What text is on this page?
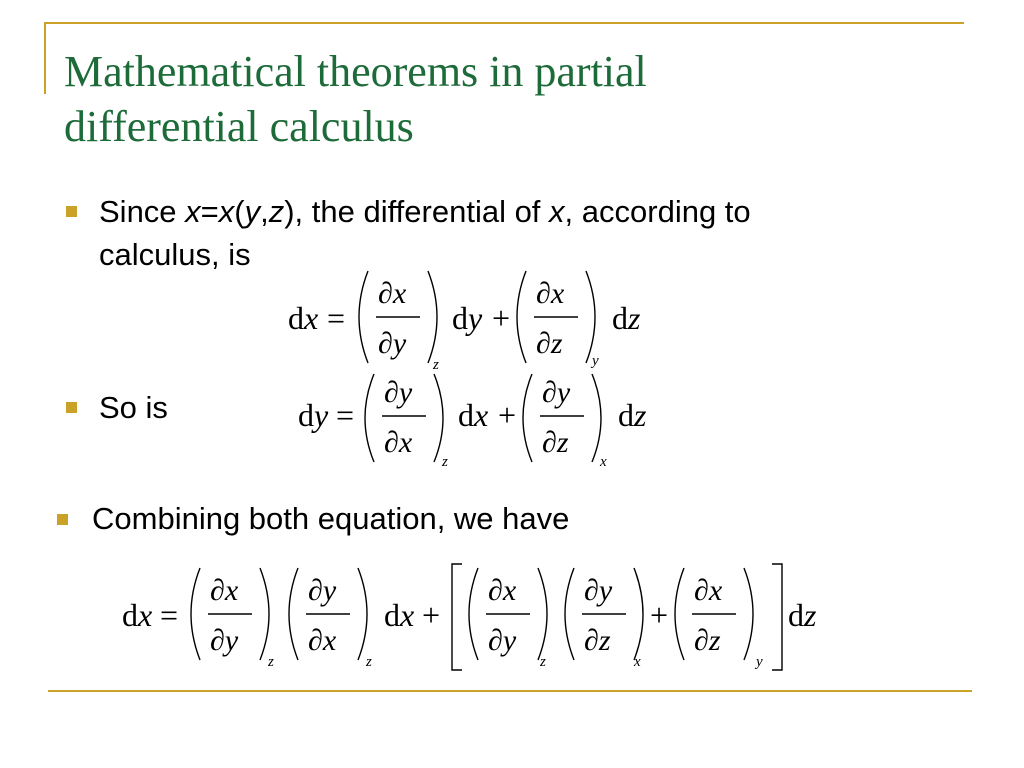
Mathematical theorems in partial
differential calculus
Since x=x(y,z), the differential of x, according to
calculus, is
dx =
∂x
∂y
z
dy +
∂x
∂z
y
dz
So is	dy =
∂y
∂x
z
dx +
∂y
∂z
x
dz
Combining both equation, we have
dx =
∂x
∂y
z
∂y
∂x
z
dx +
∂x
∂y
z
∂y
∂z
x
+
∂x
∂z
y
dz
